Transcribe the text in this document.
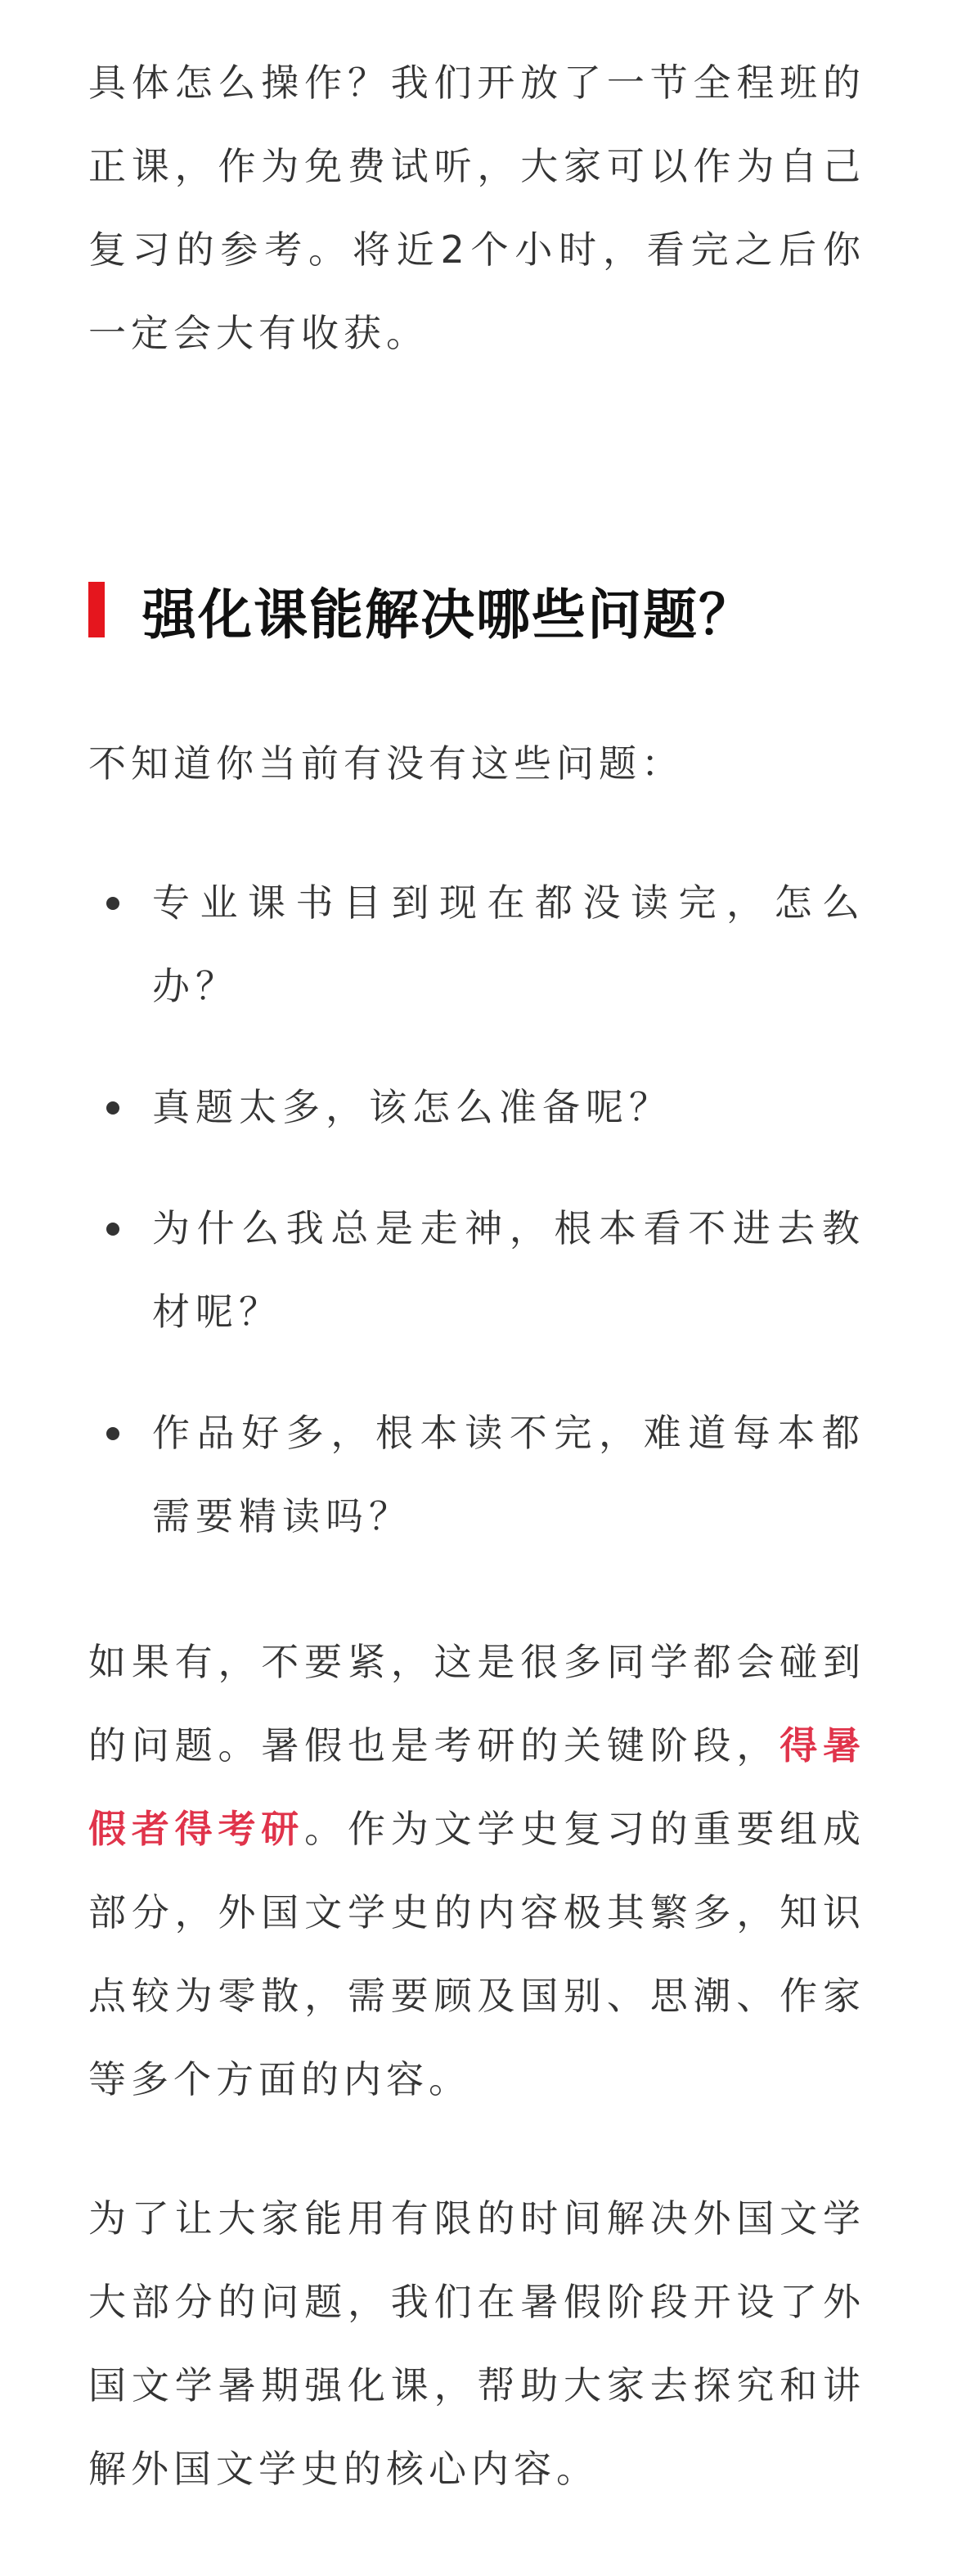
具体怎么操作？我们开放了一节全程班的正课，作为免费试听，大家可以作为自己复习的参考。将近2个小时，看完之后你一定会大有收获。

强化课能解决哪些问题？

不知道你当前有没有这些问题：

专业课书目到现在都没读完，怎么办？
真题太多，该怎么准备呢？
为什么我总是走神，根本看不进去教材呢？
作品好多，根本读不完，难道每本都需要精读吗？

如果有，不要紧，这是很多同学都会碰到的问题。暑假也是考研的关键阶段，得暑假者得考研。作为文学史复习的重要组成部分，外国文学史的内容极其繁多，知识点较为零散，需要顾及国别、思潮、作家等多个方面的内容。

为了让大家能用有限的时间解决外国文学大部分的问题，我们在暑假阶段开设了外国文学暑期强化课，帮助大家去探究和讲解外国文学史的核心内容。
